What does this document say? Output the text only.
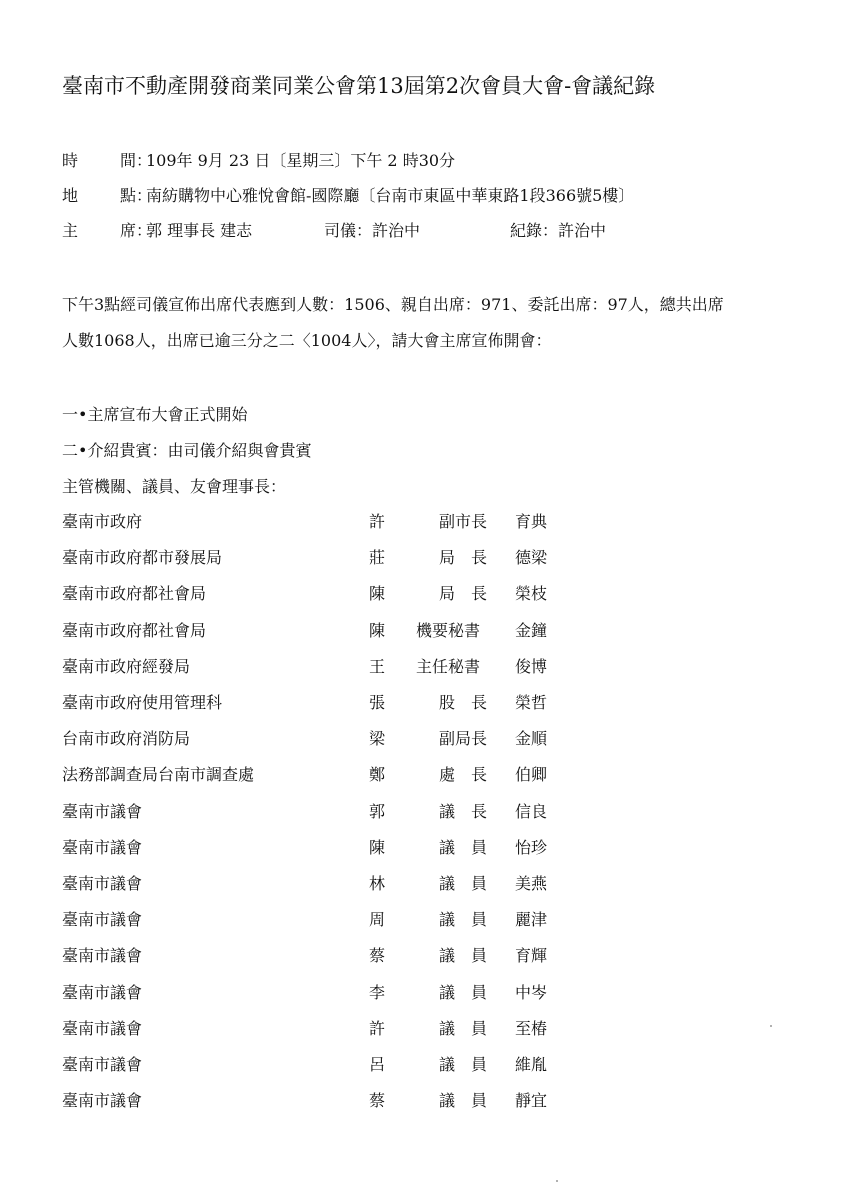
臺南市不動產開發商業同業公會第13屆第2次會員大會-會議紀錄
時	間：109年 9月 23 日〔星期三〕下午 2 時30分
地	點：南紡購物中心雅悅會館-國際廳〔台南市東區中華東路1段366號5樓〕
主	席：郭 理事長 建志	司儀：許治中	紀錄：許治中
下午3點經司儀宣佈出席代表應到人數：1506、親自出席：971、委託出席：97人，總共出席
人數1068人，出席已逾三分之二〈1004人〉，請大會主席宣佈開會：
一•主席宣布大會正式開始
二•介紹貴賓：由司儀介紹與會貴賓
主管機關、議員、友會理事長：
臺南市政府	許	副市長 育典
臺南市政府都市發展局	莊	局　長	德梁
臺南市政府都社會局	陳	局　長	榮枝
臺南市政府都社會局	陳	機要秘書	金鐘
臺南市政府經發局	王	主任秘書	俊博
臺南市政府使用管理科	張	股　長	榮哲
台南市政府消防局	梁	副局長 金順
法務部調查局台南市調查處	鄭	處　長	伯卿
臺南市議會	郭	議　長	信良
臺南市議會	陳	議　員	怡珍
臺南市議會	林	議　員	美燕
臺南市議會	周	議　員	麗津
臺南市議會	蔡	議　員	育輝
臺南市議會	李	議　員	中岑
臺南市議會	許	議　員	至椿
臺南市議會	呂	議　員	維胤
臺南市議會	蔡	議　員	靜宜
